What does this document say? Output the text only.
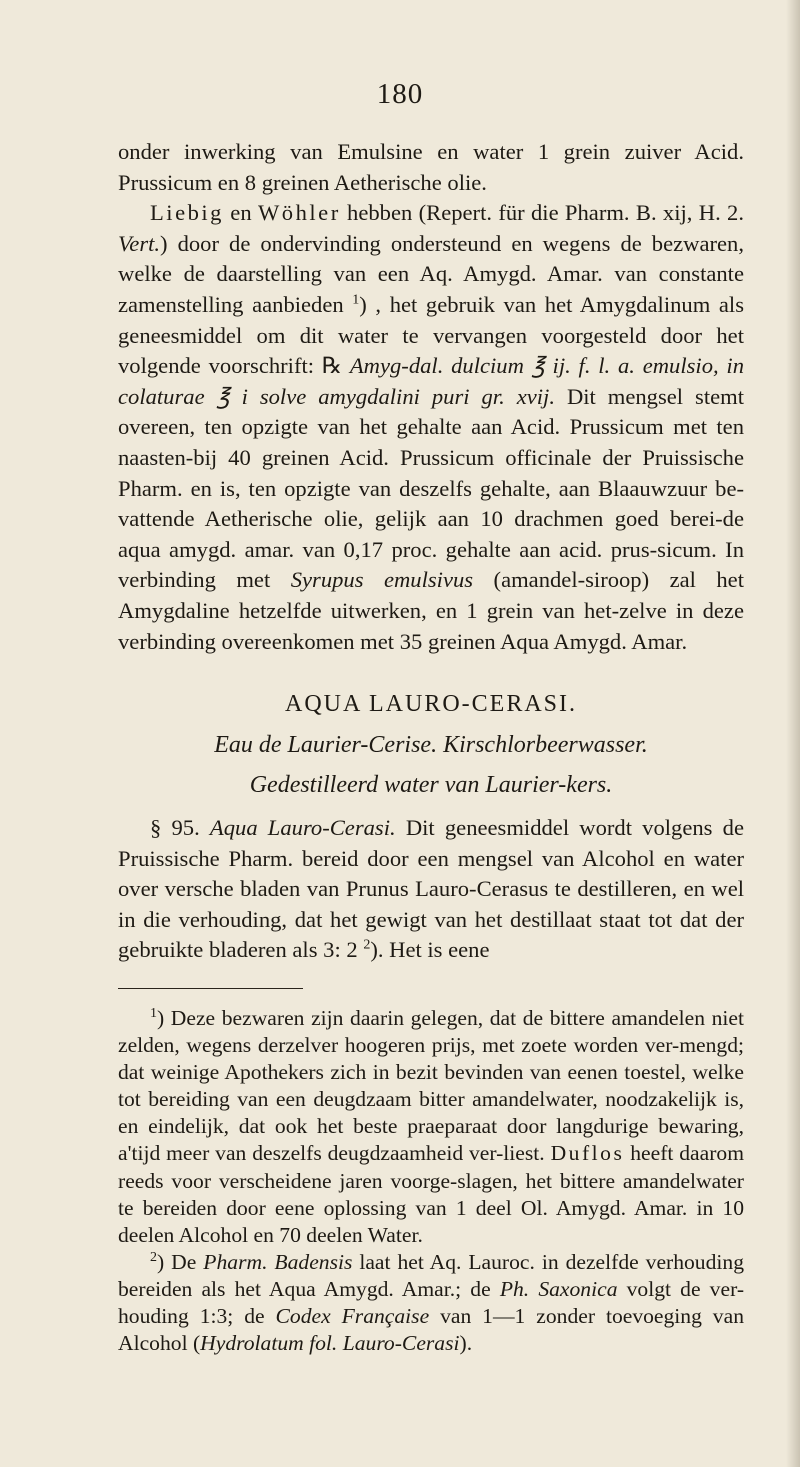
180

onder inwerking van Emulsine en water 1 grein zuiver Acid. Prussicum en 8 greinen Aetherische olie.

Liebig en Wöhler hebben (Repert. für die Pharm. B. xij, H. 2. Vert.) door de ondervinding ondersteund en wegens de bezwaren, welke de daarstelling van een Aq. Amygd. Amar. van constante zamenstelling aanbieden $^1$) , het gebruik van het Amygdalinum als geneesmiddel om dit water te vervangen voorgesteld door het volgende voorschrift: ℞ Amyg-dal. dulcium ℥ ij. f. l. a. emulsio, in colaturae ℥ i solve amygdalini puri gr. xvij. Dit mengsel stemt overeen, ten opzigte van het gehalte aan Acid. Prussicum met ten naasten-bij 40 greinen Acid. Prussicum officinale der Pruissische Pharm. en is, ten opzigte van deszelfs gehalte, aan Blaauwzuur be-vattende Aetherische olie, gelijk aan 10 drachmen goed berei-de aqua amygd. amar. van 0,17 proc. gehalte aan acid. prus-sicum. In verbinding met Syrupus emulsivus (amandel-siroop) zal het Amygdaline hetzelfde uitwerken, en 1 grein van het-zelve in deze verbinding overeenkomen met 35 greinen Aqua Amygd. Amar.

AQUA LAURO-CERASI.

Eau de Laurier-Cerise. Kirschlorbeerwasser.

Gedestilleerd water van Laurier-kers.

§ 95. Aqua Lauro-Cerasi. Dit geneesmiddel wordt volgens de Pruissische Pharm. bereid door een mengsel van Alcohol en water over versche bladen van Prunus Lauro-Cerasus te destilleren, en wel in die verhouding, dat het gewigt van het destillaat staat tot dat der gebruikte bladeren als 3: 2 $^2$). Het is eene

$^1$) Deze bezwaren zijn daarin gelegen, dat de bittere amandelen niet zelden, wegens derzelver hoogeren prijs, met zoete worden ver-mengd; dat weinige Apothekers zich in bezit bevinden van eenen toestel, welke tot bereiding van een deugdzaam bitter amandelwater, noodzakelijk is, en eindelijk, dat ook het beste praeparaat door langdurige bewaring, a'tijd meer van deszelfs deugdzaamheid ver-liest. Duflos heeft daarom reeds voor verscheidene jaren voorge-slagen, het bittere amandelwater te bereiden door eene oplossing van 1 deel Ol. Amygd. Amar. in 10 deelen Alcohol en 70 deelen Water.

$^2$) De Pharm. Badensis laat het Aq. Lauroc. in dezelfde verhouding bereiden als het Aqua Amygd. Amar.; de Ph. Saxonica volgt de ver-houding 1:3; de Codex Française van 1—1 zonder toevoeging van Alcohol (Hydrolatum fol. Lauro-Cerasi).
